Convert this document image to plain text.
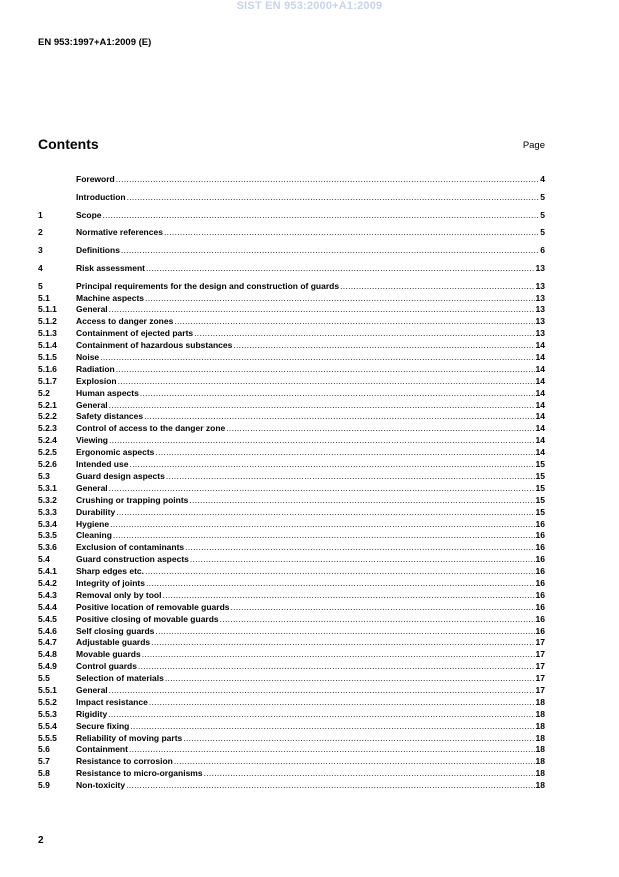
SIST EN 953:2000+A1:2009
EN 953:1997+A1:2009 (E)
Contents	Page
Foreword .....	4
Introduction .....	5
1	Scope .....	5
2	Normative references .....	5
3	Definitions .....	6
4	Risk assessment .....	13
5	Principal requirements for the design and construction of guards .....	13
5.1	Machine aspects .....	13
5.1.1	General .....	13
5.1.2	Access to danger zones .....	13
5.1.3	Containment of ejected parts .....	13
5.1.4	Containment of hazardous substances .....	14
5.1.5	Noise .....	14
5.1.6	Radiation .....	14
5.1.7	Explosion .....	14
5.2	Human aspects .....	14
5.2.1	General .....	14
5.2.2	Safety distances .....	14
5.2.3	Control of access to the danger zone .....	14
5.2.4	Viewing .....	14
5.2.5	Ergonomic aspects .....	14
5.2.6	Intended use .....	15
5.3	Guard design aspects .....	15
5.3.1	General .....	15
5.3.2	Crushing or trapping points .....	15
5.3.3	Durability .....	15
5.3.4	Hygiene .....	16
5.3.5	Cleaning .....	16
5.3.6	Exclusion of contaminants .....	16
5.4	Guard construction aspects .....	16
5.4.1	Sharp edges etc. .....	16
5.4.2	Integrity of joints .....	16
5.4.3	Removal only by tool .....	16
5.4.4	Positive location of removable guards .....	16
5.4.5	Positive closing of movable guards .....	16
5.4.6	Self closing guards .....	16
5.4.7	Adjustable guards .....	17
5.4.8	Movable guards .....	17
5.4.9	Control guards .....	17
5.5	Selection of materials .....	17
5.5.1	General .....	17
5.5.2	Impact resistance .....	18
5.5.3	Rigidity .....	18
5.5.4	Secure fixing .....	18
5.5.5	Reliability of moving parts .....	18
5.6	Containment .....	18
5.7	Resistance to corrosion .....	18
5.8	Resistance to micro-organisms .....	18
5.9	Non-toxicity .....	18
2
